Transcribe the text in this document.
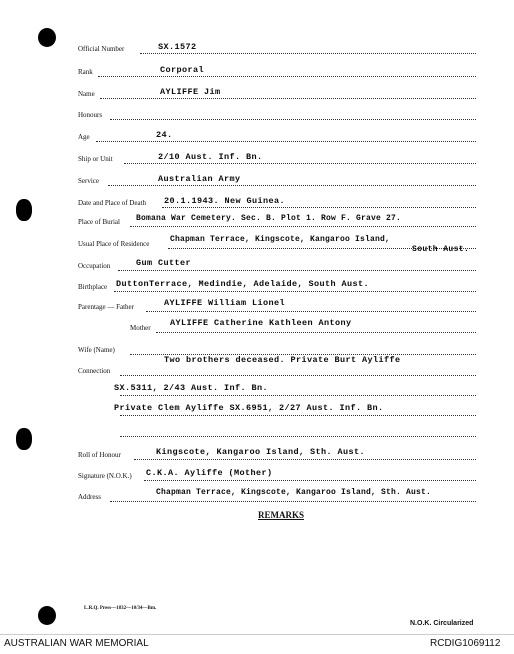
Official Number	SX.1572
Rank	Corporal
Name	AYLIFFE Jim
Honours
Age	24.
Ship or Unit	2/10 Aust. Inf. Bn.
Service	Australian Army
Date and Place of Death 20.1.1943. New Guinea.
Place of Burial Bomana War Cemetery. Sec. B. Plot 1. Row F. Grave 27.
Usual Place of Residence	Chapman Terrace, Kingscote, Kangaroo Island,
South Aust.
Occupation	Gum Cutter
Birthplace DuttonTerrace, Medindie, Adelaide, South Aust.
Parentage — Father	AYLIFFE William Lionel
Mother AYLIFFE Catherine Kathleen Antony
Wife (Name)
Connection
Two brothers deceased. Private Burt Ayliffe
SX.5311, 2/43 Aust. Inf. Bn.
Private Clem Ayliffe SX.6951, 2/27 Aust. Inf. Bn.
Roll of Honour	Kingscote, Kangaroo Island, Sth. Aust.
Signature (N.O.K.) C.K.A. Ayliffe (Mother)
Address	Chapman Terrace, Kingscote, Kangaroo Island, Sth. Aust.
REMARKS
L.R.Q. Press—1832—10/34—Bm.
N.O.K. Circularized
AUSTRALIAN WAR MEMORIAL	RCDIG1069112
